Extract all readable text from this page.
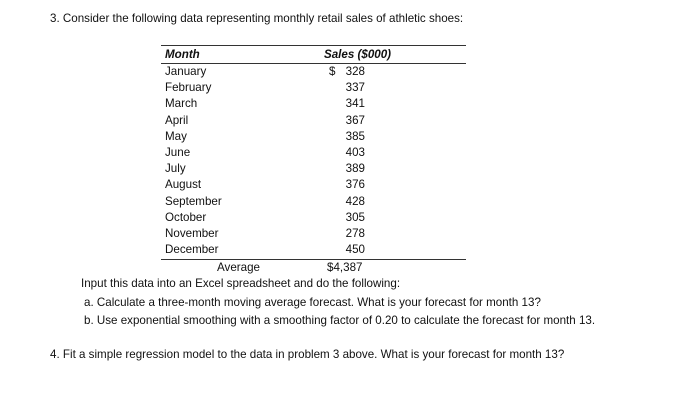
3. Consider the following data representing monthly retail sales of athletic shoes:
Month	Sales ($000)
January	$ 328
February	337
March	341
April	367
May	385
June	403
July	389
August	376
September	428
October	305
November	278
December	450
Average	$4,387
Input this data into an Excel spreadsheet and do the following:
a. Calculate a three-month moving average forecast. What is your forecast for month 13?
b. Use exponential smoothing with a smoothing factor of 0.20 to calculate the forecast for month 13.
4. Fit a simple regression model to the data in problem 3 above. What is your forecast for month 13?
